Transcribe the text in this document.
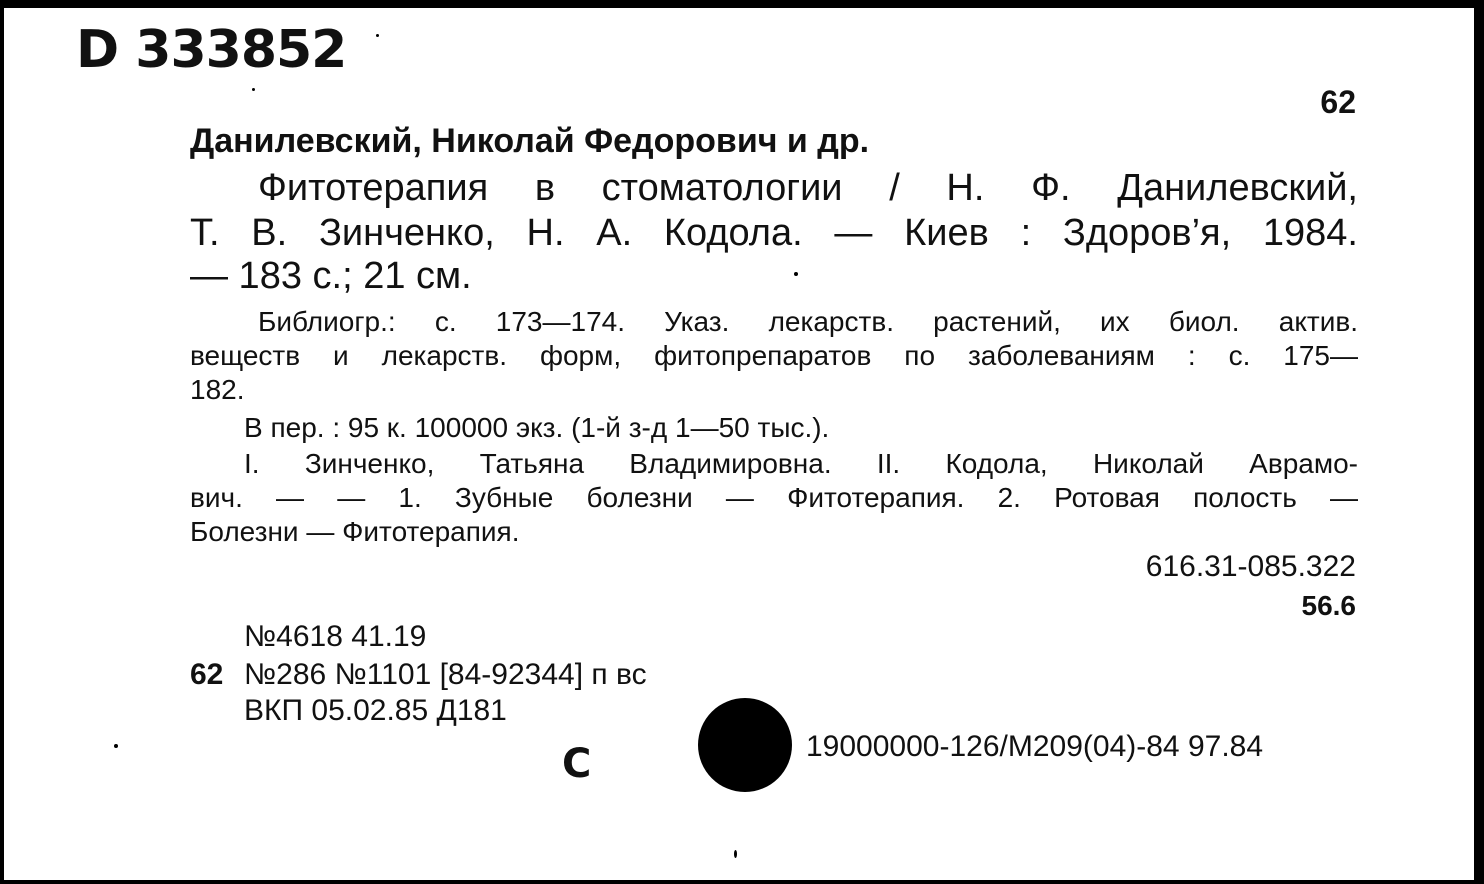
D 333852
62
Данилевский, Николай Федорович и др.
Фитотерапия в стоматологии / Н. Ф. Данилевский,
Т. В. Зинченко, Н. А. Кодола. — Киев : Здоров’я, 1984.
— 183 с.; 21 см.
Библиогр.: с. 173—174. Указ. лекарств. растений, их биол. актив.
веществ и лекарств. форм, фитопрепаратов по заболеваниям : с. 175—
182.
В пер. : 95 к. 100000 экз. (1-й з-д 1—50 тыс.).
I. Зинченко, Татьяна Владимировна. II. Кодола, Николай Аврамо-
вич. — — 1. Зубные болезни — Фитотерапия. 2. Ротовая полость —
Болезни — Фитотерапия.
616.31-085.322
56.6
№4618 41.19
62 №286 №1101 [84-92344] п вс
ВКП 05.02.85 Д181
С	19000000-126/M209(04)-84 97.84
